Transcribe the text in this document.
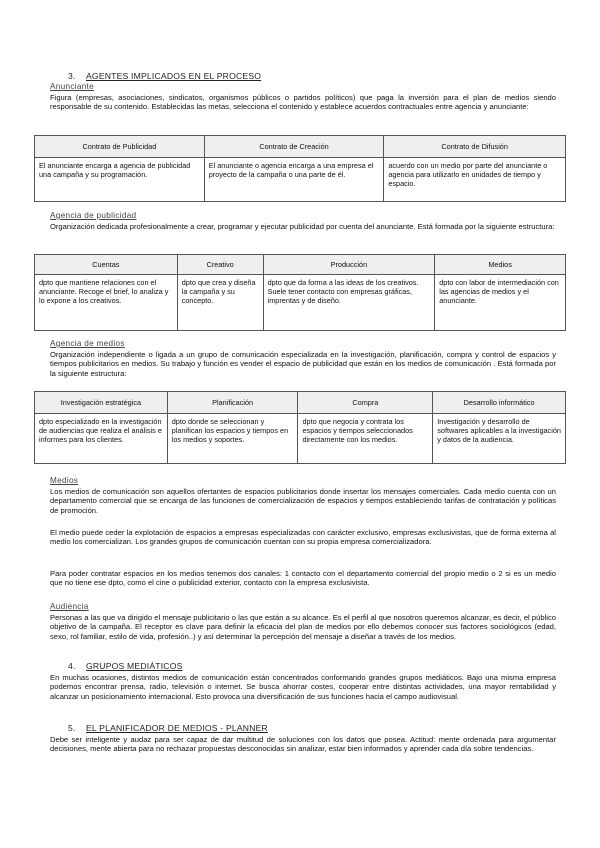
3. AGENTES IMPLICADOS EN EL PROCESO
Anunciante
Figura (empresas, asociaciones, sindicatos, organismos públicos o partidos políticos) que paga la inversión para el plan de medios siendo responsable de su contenido. Establecidas las metas, selecciona el contenido y establece acuerdos contractuales entre agencia y anunciante:
Contrato de Publicidad	Contrato de Creación	Contrato de Difusión
El anunciante encarga a agencia de publicidad una campaña y su programación.	El anunciante o agencia encarga a una empresa el proyecto de la campaña o una parte de él.	acuerdo con un medio por parte del anunciante o agencia para utilizarlo en unidades de tiempo y espacio.
Agencia de publicidad
Organización dedicada profesionalmente a crear, programar y ejecutar publicidad por cuenta del anunciante. Está formada por la siguiente estructura:
Cuentas	Creativo	Producción	Medios
dpto que mantiene relaciones con el anunciante. Recoge el brief, lo analiza y lo expone a los creativos.	dpto que crea y diseña la campaña y su concepto.	dpto que da forma a las ideas de los creativos. Suele tener contacto con empresas gráficas, imprentas y de diseño.	dpto con labor de intermediación con las agencias de medios y el anunciante.
Agencia de medios
Organización independiente o ligada a un grupo de comunicación especializada en la investigación, planificación, compra y control de espacios y tiempos publicitarios en medios. Su trabajo y función es vender el espacio de publicidad que están en los medios de comunicación . Está formada por la siguiente estructura:
Investigación estratégica	Planificación	Compra	Desarrollo informático
dpto especializado en la investigación de audiencias que realiza el análisis e informes para los clientes.	dpto donde se seleccionan y planifican los espacios y tiempos en los medios y soportes.	dpto que negocia y contrata los espacios y tiempos seleccionados directamente con los medios.	Investigación y desarrollo de softwares aplicables a la investigación y datos de la audiencia.
Medios
Los medios de comunicación son aquellos ofertantes de espacios publicitarios donde insertar los mensajes comerciales. Cada medio cuenta con un departamento comercial que se encarga de las funciones de comercialización de espacios y tiempos estableciendo tarifas de contratación y políticas de promoción.
El medio puede ceder la explotación de espacios a empresas especializadas con carácter exclusivo, empresas exclusivistas, que de forma externa al medio los comercializan. Los grandes grupos de comunicación cuentan con su propia empresa comercializadora.
Para poder contratar espacios en los medios tenemos dos canales: 1 contacto con el departamento comercial del propio medio o 2 si es un medio que no tiene ese dpto, como el cine o publicidad exterior, contacto con la empresa exclusivista.
Audiencia
Personas a las que va dirigido el mensaje publicitario o las que están a su alcance. Es el perfil al que nosotros queremos alcanzar, es decir, el público objetivo de la campaña. El receptor es clave para definir la eficacia del plan de medios por ello debemos conocer sus factores sociológicos (edad, sexo, rol familiar, estilo de vida, profesión..) y así determinar la percepción del mensaje a diseñar a través de los medios.
4. GRUPOS MEDIÁTICOS
En muchas ocasiones, distintos medios de comunicación están concentrados conformando grandes grupos mediáticos. Bajo una misma empresa podemos encontrar prensa, radio, televisión o internet. Se busca ahorrar costes, cooperar entre distintas actividades, una mayor rentabilidad y alcanzar un posicionamiento internacional. Esto provoca una diversificación de sus funciones hacia el campo audiovisual.
5. EL PLANIFICADOR DE MEDIOS - PLANNER
Debe ser inteligente y audaz para ser capaz de dar multitud de soluciones con los datos que posea. Actitud: mente ordenada para argumentar decisiones, mente abierta para no rechazar propuestas desconocidas sin analizar, estar bien informados y aprender cada día sobre tendencias.
